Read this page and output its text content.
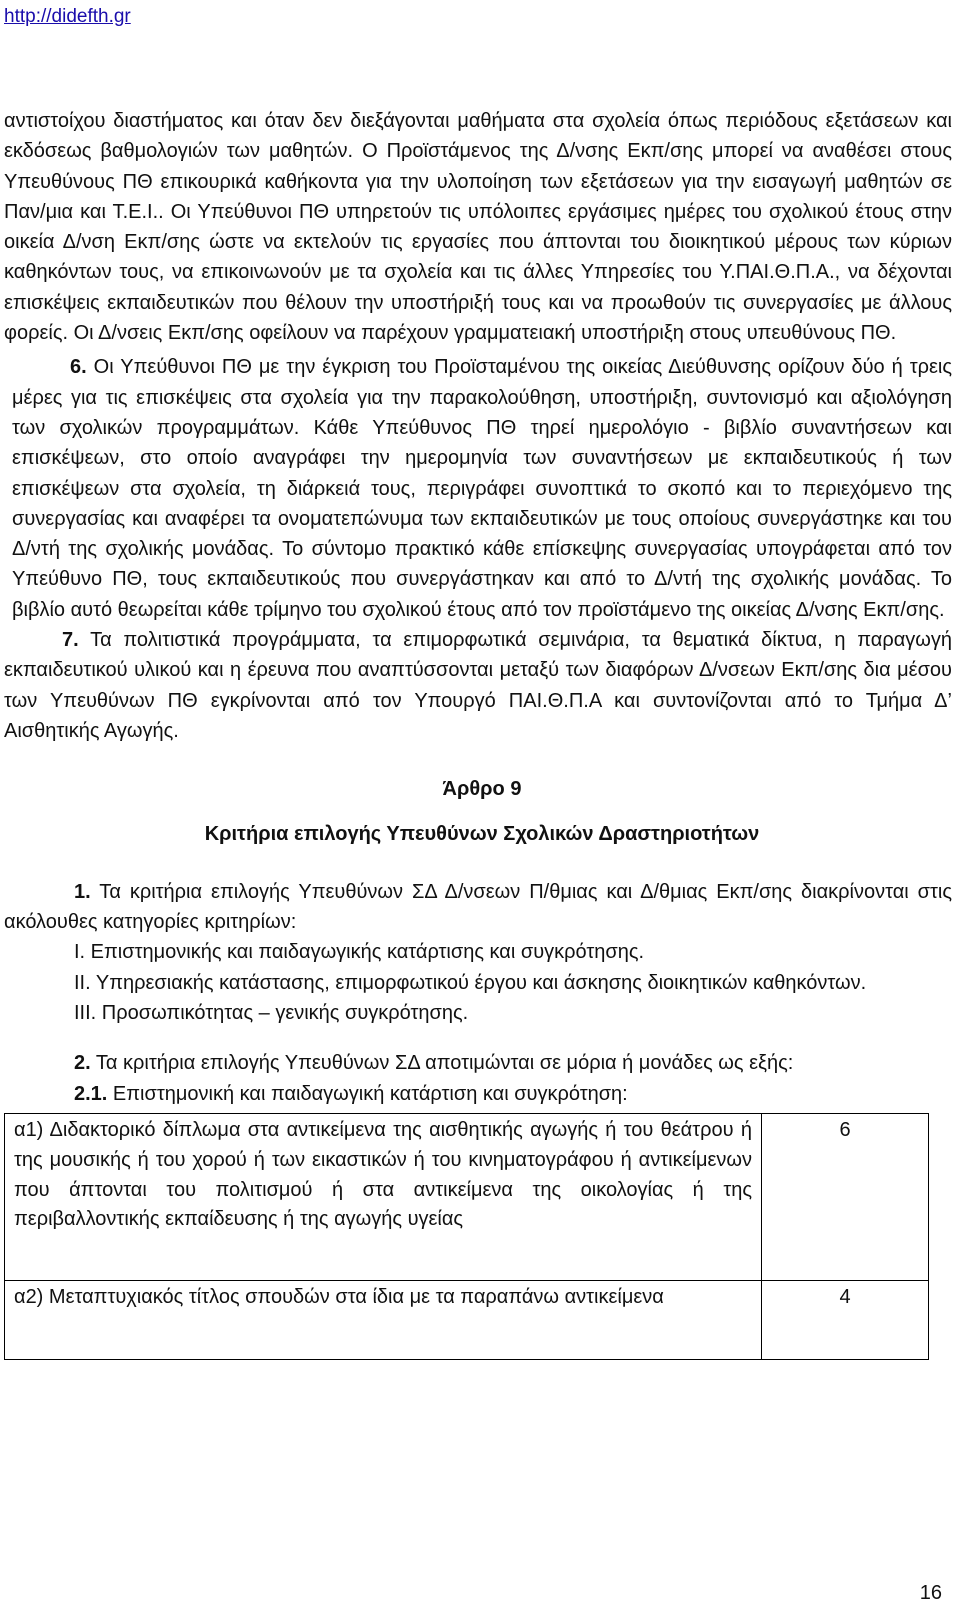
http://didefth.gr

αντιστοίχου διαστήματος και όταν δεν διεξάγονται μαθήματα στα σχολεία όπως περιόδους εξετάσεων και εκδόσεως βαθμολογιών των μαθητών. Ο Προϊστάμενος της Δ/νσης Εκπ/σης μπορεί να αναθέσει στους Υπευθύνους ΠΘ επικουρικά καθήκοντα για την υλοποίηση των εξετάσεων για την εισαγωγή μαθητών σε Παν/μια και Τ.Ε.Ι.. Οι Υπεύθυνοι ΠΘ υπηρετούν τις υπόλοιπες εργάσιμες ημέρες του σχολικού έτους στην οικεία Δ/νση Εκπ/σης ώστε να εκτελούν τις εργασίες που άπτονται του διοικητικού μέρους των κύριων καθηκόντων τους, να επικοινωνούν με τα σχολεία και τις άλλες Υπηρεσίες του Υ.ΠΑΙ.Θ.Π.Α., να δέχονται επισκέψεις εκπαιδευτικών που θέλουν την υποστήριξή τους και να προωθούν τις συνεργασίες με άλλους φορείς. Οι Δ/νσεις Εκπ/σης οφείλουν να παρέχουν γραμματειακή υποστήριξη στους υπευθύνους ΠΘ.

6. Οι Υπεύθυνοι ΠΘ με την έγκριση του Προϊσταμένου της οικείας Διεύθυνσης ορίζουν δύο ή τρεις μέρες για τις επισκέψεις στα σχολεία για την παρακολούθηση, υποστήριξη, συντονισμό και αξιολόγηση των σχολικών προγραμμάτων. Κάθε Υπεύθυνος ΠΘ τηρεί ημερολόγιο - βιβλίο συναντήσεων και επισκέψεων, στο οποίο αναγράφει την ημερομηνία των συναντήσεων με εκπαιδευτικούς ή των επισκέψεων στα σχολεία, τη διάρκειά τους, περιγράφει συνοπτικά το σκοπό και το περιεχόμενο της συνεργασίας και αναφέρει τα ονοματεπώνυμα των εκπαιδευτικών με τους οποίους συνεργάστηκε και του Δ/ντή της σχολικής μονάδας. Το σύντομο πρακτικό κάθε επίσκεψης συνεργασίας υπογράφεται από τον Υπεύθυνο ΠΘ, τους εκπαιδευτικούς που συνεργάστηκαν και από το Δ/ντή της σχολικής μονάδας. Το βιβλίο αυτό θεωρείται κάθε τρίμηνο του σχολικού έτους από τον προϊστάμενο της οικείας Δ/νσης Εκπ/σης.

7. Τα πολιτιστικά προγράμματα, τα επιμορφωτικά σεμινάρια, τα θεματικά δίκτυα, η παραγωγή εκπαιδευτικού υλικού και η έρευνα που αναπτύσσονται μεταξύ των διαφόρων Δ/νσεων Εκπ/σης δια μέσου των Υπευθύνων ΠΘ εγκρίνονται από τον Υπουργό ΠΑΙ.Θ.Π.Α και συντονίζονται από το Τμήμα Δ’ Αισθητικής Αγωγής.

Άρθρο 9

Κριτήρια επιλογής Υπευθύνων Σχολικών Δραστηριοτήτων

1. Τα κριτήρια επιλογής Υπευθύνων ΣΔ Δ/νσεων Π/θμιας και Δ/θμιας Εκπ/σης διακρίνονται στις ακόλουθες κατηγορίες κριτηρίων:

Ι. Επιστημονικής και παιδαγωγικής κατάρτισης και συγκρότησης.

ΙΙ. Υπηρεσιακής κατάστασης, επιμορφωτικού έργου και άσκησης διοικητικών καθηκόντων.

ΙΙΙ. Προσωπικότητας – γενικής συγκρότησης.

2. Τα κριτήρια επιλογής Υπευθύνων ΣΔ αποτιμώνται σε μόρια ή μονάδες ως εξής:

2.1. Επιστημονική και παιδαγωγική κατάρτιση και συγκρότηση:

α1) Διδακτορικό δίπλωμα στα αντικείμενα της αισθητικής αγωγής ή του θεάτρου ή της μουσικής ή του χορού ή των εικαστικών ή του κινηματογράφου ή αντικείμενων που άπτονται του πολιτισμού ή στα αντικείμενα της οικολογίας ή της περιβαλλοντικής εκπαίδευσης ή της αγωγής υγείας	6
α2) Μεταπτυχιακός τίτλος σπουδών στα ίδια με τα παραπάνω αντικείμενα	4
16
